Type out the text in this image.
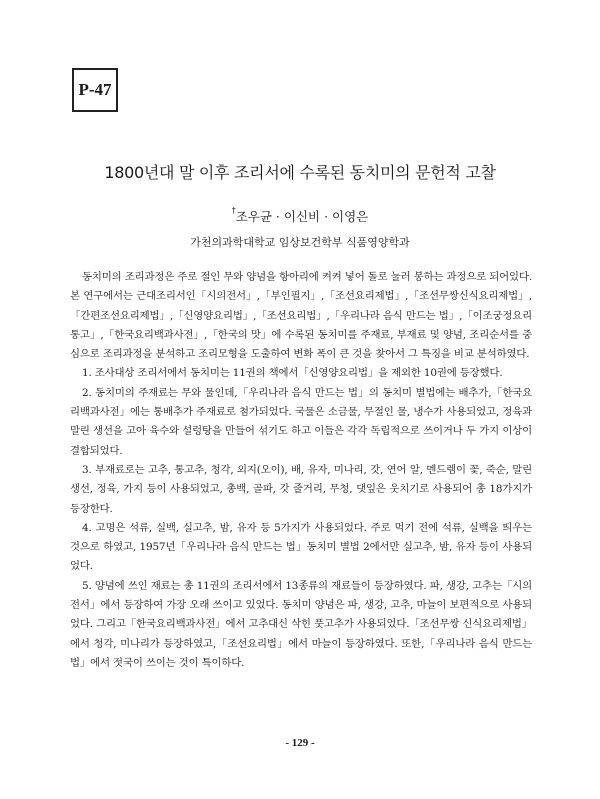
P-47
1800년대 말 이후 조리서에 수록된 동치미의 문헌적 고찰
†조우균 · 이신비 · 이영은
가천의과학대학교 임상보건학부 식품영양학과

동치미의 조리과정은 주로 절인 무와 양념을 항아리에 켜켜 넣어 돌로 눌러 봉하는 과정으로 되어있다. 본 연구에서는 근대조리서인「시의전서」,「부인필지」,「조선요리제법」,「조선무쌍신식요리제법」,「간편조선요리제법」,「신영양요리법」,「조선요리법」,「우리나라 음식 만드는 법」,「이조궁정요리통고」,「한국요리백과사전」,「한국의 맛」에 수록된 동치미를 주재료, 부재료 및 양념, 조리순서를 중심으로 조리과정을 분석하고 조리모형을 도출하여 변화 폭이 큰 것을 찾아서 그 특징을 비교 분석하였다.

1. 조사대상 조리서에서 동치미는 11권의 책에서「신영양요리법」을 제외한 10권에 등장했다.

2. 동치미의 주재료는 무와 물인데,「우리나라 음식 만드는 법」의 동치미 별법에는 배추가,「한국요리백과사전」에는 통배추가 주재료로 첨가되었다. 국물은 소금물, 무절인 물, 냉수가 사용되었고, 정육과 말린 생선을 고아 육수와 설렁탕을 만들어 섞기도 하고 이들은 각각 독립적으로 쓰이거나 두 가지 이상이 결합되었다.

3. 부재료로는 고추, 통고추, 청각, 외지(오이), 배, 유자, 미나리, 갓, 연어 알, 멘드렘이 꽃, 죽순, 말린 생선, 정육, 가지 등이 사용되었고, 총백, 골파, 갓 줄거리, 무청, 댓잎은 웃치기로 사용되어 총 18가지가 등장한다.

4. 고명은 석류, 실백, 실고추, 밤, 유자 등 5가지가 사용되었다. 주로 먹기 전에 석류, 실백을 띄우는 것으로 하였고, 1957년「우리나라 음식 만드는 법」동치미 별법 2에서만 실고추, 밤, 유자 등이 사용되었다.

5. 양념에 쓰인 재료는 총 11권의 조리서에서 13종류의 재료들이 등장하였다. 파, 생강, 고추는「시의전서」에서 등장하여 가장 오래 쓰이고 있었다. 동치미 양념은 파, 생강, 고추, 마늘이 보편적으로 사용되었다. 그리고「한국요리백과사전」에서 고추대신 삭힌 풋고추가 사용되었다.「조선무쌍 신식요리제법」에서 청각, 미나리가 등장하였고,「조선요리법」에서 마늘이 등장하였다. 또한,「우리나라 음식 만드는 법」에서 젓국이 쓰이는 것이 특이하다.

- 129 -
